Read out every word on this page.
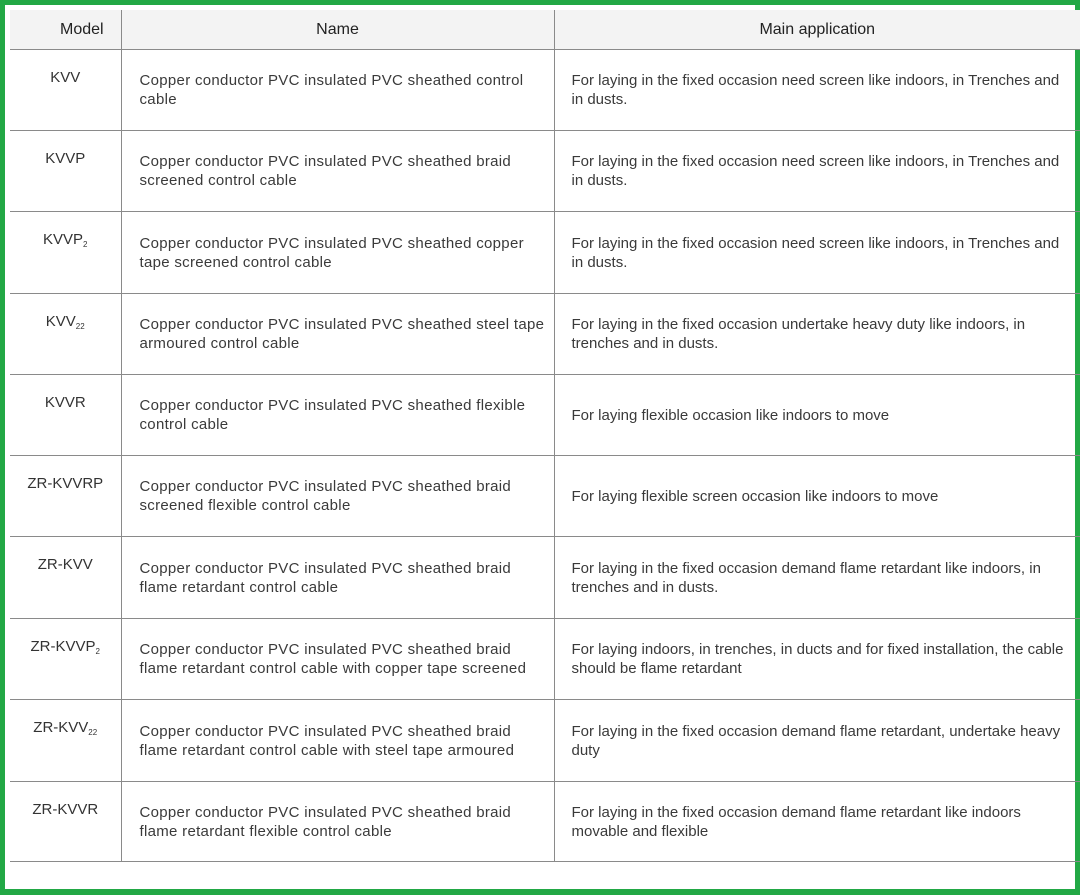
Model	Name	Main application
KVV	Copper conductor PVC insulated PVC sheathed control cable	For laying in the fixed occasion need screen like indoors, in Trenches and in dusts.
KVVP	Copper conductor PVC insulated PVC sheathed braid screened control cable	For laying in the fixed occasion need screen like indoors, in Trenches and in dusts.
$KVVP_2$	Copper conductor PVC insulated PVC sheathed copper tape screened control cable	For laying in the fixed occasion need screen like indoors, in Trenches and in dusts.
$KVV_{22}$	Copper conductor PVC insulated PVC sheathed steel tape armoured control cable	For laying in the fixed occasion undertake heavy duty like indoors, in trenches and in dusts.
KVVR	Copper conductor PVC insulated PVC sheathed flexible control cable	For laying flexible occasion like indoors to move
ZR-KVVRP	Copper conductor PVC insulated PVC sheathed braid screened flexible control cable	For laying flexible screen occasion like indoors to move
ZR-KVV	Copper conductor PVC insulated PVC sheathed braid flame retardant control cable	For laying in the fixed occasion demand flame retardant like indoors, in trenches and in dusts.
$ZR-KVVP_2$	Copper conductor PVC insulated PVC sheathed braid flame retardant control cable with copper tape screened	For laying indoors, in trenches, in ducts and for fixed installation, the cable should be flame retardant
$ZR-KVV_{22}$	Copper conductor PVC insulated PVC sheathed braid flame retardant control cable with steel tape armoured	For laying in the fixed occasion demand flame retardant, undertake heavy duty
ZR-KVVR	Copper conductor PVC insulated PVC sheathed braid flame retardant flexible control cable	For laying in the fixed occasion demand flame retardant like indoors movable and flexible
